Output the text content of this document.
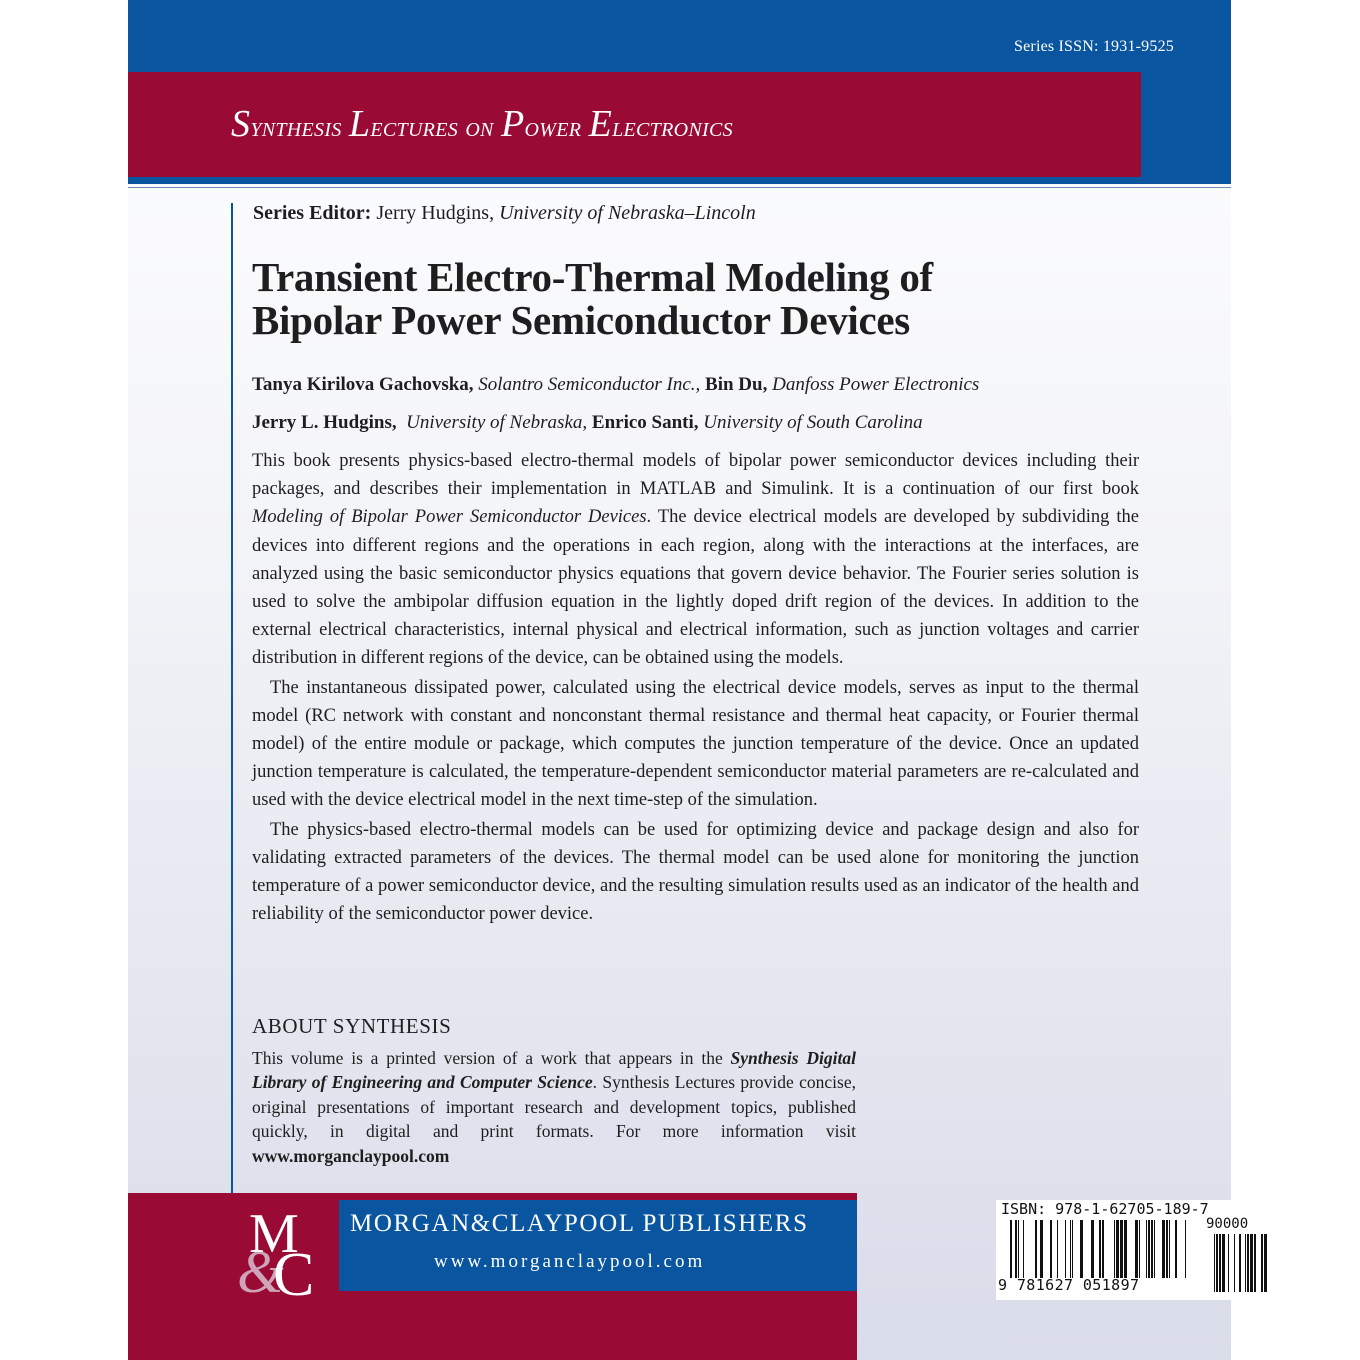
Series ISSN: 1931-9525
Synthesis Lectures on Power Electronics
Series Editor: Jerry Hudgins, University of Nebraska–Lincoln
Transient Electro-Thermal Modeling of
Bipolar Power Semiconductor Devices
Tanya Kirilova Gachovska, Solantro Semiconductor Inc., Bin Du, Danfoss Power Electronics
Jerry L. Hudgins,  University of Nebraska, Enrico Santi, University of South Carolina

This book presents physics-based electro-thermal models of bipolar power semiconductor devices including their packages, and describes their implementation in MATLAB and Simulink. It is a continuation of our first book Modeling of Bipolar Power Semiconductor Devices. The device electrical models are developed by subdividing the devices into different regions and the operations in each region, along with the interactions at the interfaces, are analyzed using the basic semiconductor physics equations that govern device behavior. The Fourier series solution is used to solve the ambipolar diffusion equation in the lightly doped drift region of the devices. In addition to the external electrical characteristics, internal physical and electrical information, such as junction voltages and carrier distribution in different regions of the device, can be obtained using the models.

The instantaneous dissipated power, calculated using the electrical device models, serves as input to the thermal model (RC network with constant and nonconstant thermal resistance and thermal heat capacity, or Fourier thermal model) of the entire module or package, which computes the junction temperature of the device. Once an updated junction temperature is calculated, the temperature-dependent semiconductor material parameters are re-calculated and used with the device electrical model in the next time-step of the simulation.

The physics-based electro-thermal models can be used for optimizing device and package design and also for validating extracted parameters of the devices. The thermal model can be used alone for monitoring the junction temperature of a power semiconductor device, and the resulting simulation results used as an indicator of the health and reliability of the semiconductor power device.

ABOUT SYNTHESIS
This volume is a printed version of a work that appears in the Synthesis Digital Library of Engineering and Computer Science. Synthesis Lectures provide concise, original presentations of important research and development topics, published quickly, in digital and print formats. For more information visit www.morganclaypool.com
&
M
C
MORGAN&CLAYPOOL PUBLISHERS
www.morganclaypool.com
ISBN: 978-1-62705-189-7
90000
9 781627 051897
